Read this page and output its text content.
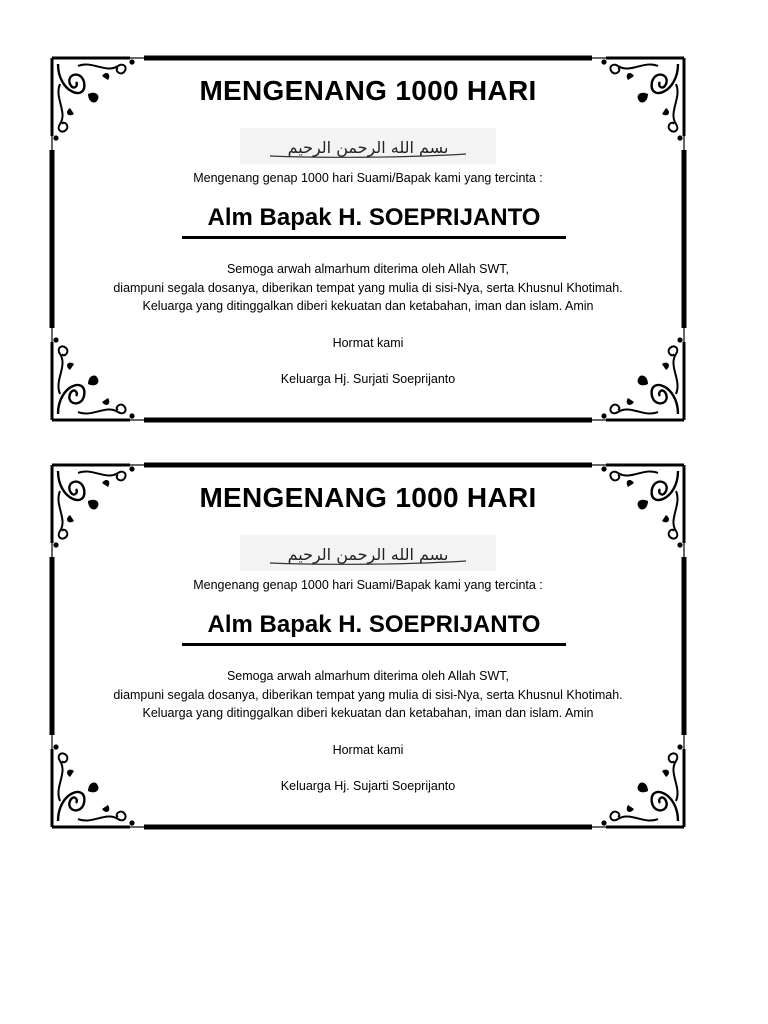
MENGENANG 1000 HARI
بسم الله الرحمن الرحيم
Mengenang genap 1000 hari Suami/Bapak kami yang tercinta :
Alm Bapak H. SOEPRIJANTO
Semoga arwah almarhum diterima oleh Allah SWT,
diampuni segala dosanya, diberikan tempat yang mulia di sisi-Nya, serta Khusnul Khotimah.
Keluarga yang ditinggalkan diberi kekuatan dan ketabahan, iman dan islam. Amin
Hormat kami
Keluarga Hj. Surjati Soeprijanto
MENGENANG 1000 HARI
بسم الله الرحمن الرحيم
Mengenang genap 1000 hari Suami/Bapak kami yang tercinta :
Alm Bapak H. SOEPRIJANTO
Semoga arwah almarhum diterima oleh Allah SWT,
diampuni segala dosanya, diberikan tempat yang mulia di sisi-Nya, serta Khusnul Khotimah.
Keluarga yang ditinggalkan diberi kekuatan dan ketabahan, iman dan islam. Amin
Hormat kami
Keluarga Hj. Sujarti Soeprijanto
